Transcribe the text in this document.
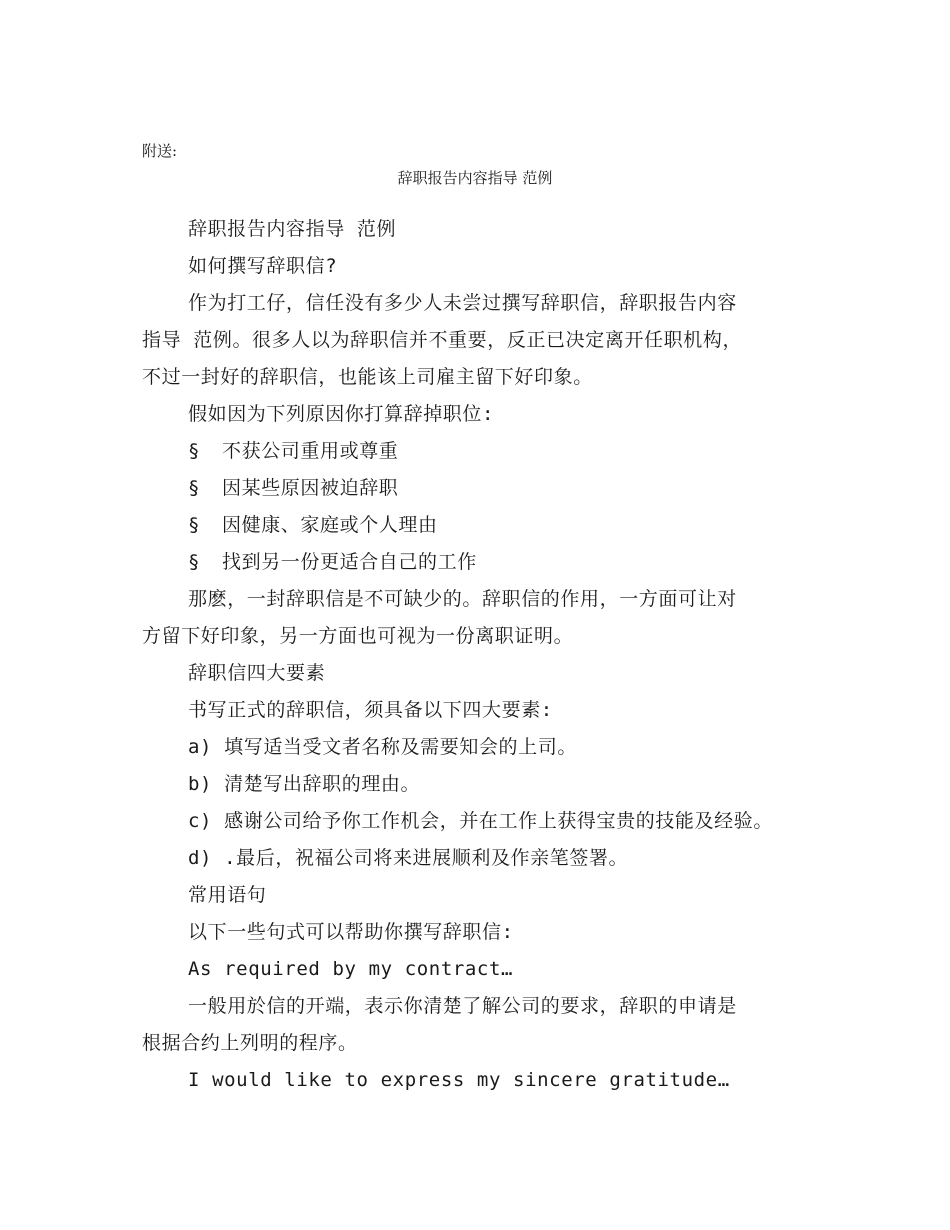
附送:
辞职报告内容指导 范例
辞职报告内容指导 范例
如何撰写辞职信?
作为打工仔，信任没有多少人未尝过撰写辞职信，辞职报告内容
指导 范例。很多人以为辞职信并不重要，反正已决定离开任职机构，
不过一封好的辞职信，也能该上司雇主留下好印象。
假如因为下列原因你打算辞掉职位:
§ 不获公司重用或尊重
§ 因某些原因被迫辞职
§ 因健康、家庭或个人理由
§ 找到另一份更适合自己的工作
那麽，一封辞职信是不可缺少的。辞职信的作用，一方面可让对
方留下好印象，另一方面也可视为一份离职证明。
辞职信四大要素
书写正式的辞职信，须具备以下四大要素:
a) 填写适当受文者名称及需要知会的上司。
b) 清楚写出辞职的理由。
c) 感谢公司给予你工作机会，并在工作上获得宝贵的技能及经验。
d) .最后，祝福公司将来进展顺利及作亲笔签署。
常用语句
以下一些句式可以帮助你撰写辞职信:
As required by my contract…
一般用於信的开端，表示你清楚了解公司的要求，辞职的申请是
根据合约上列明的程序。
I would like to express my sincere gratitude…
